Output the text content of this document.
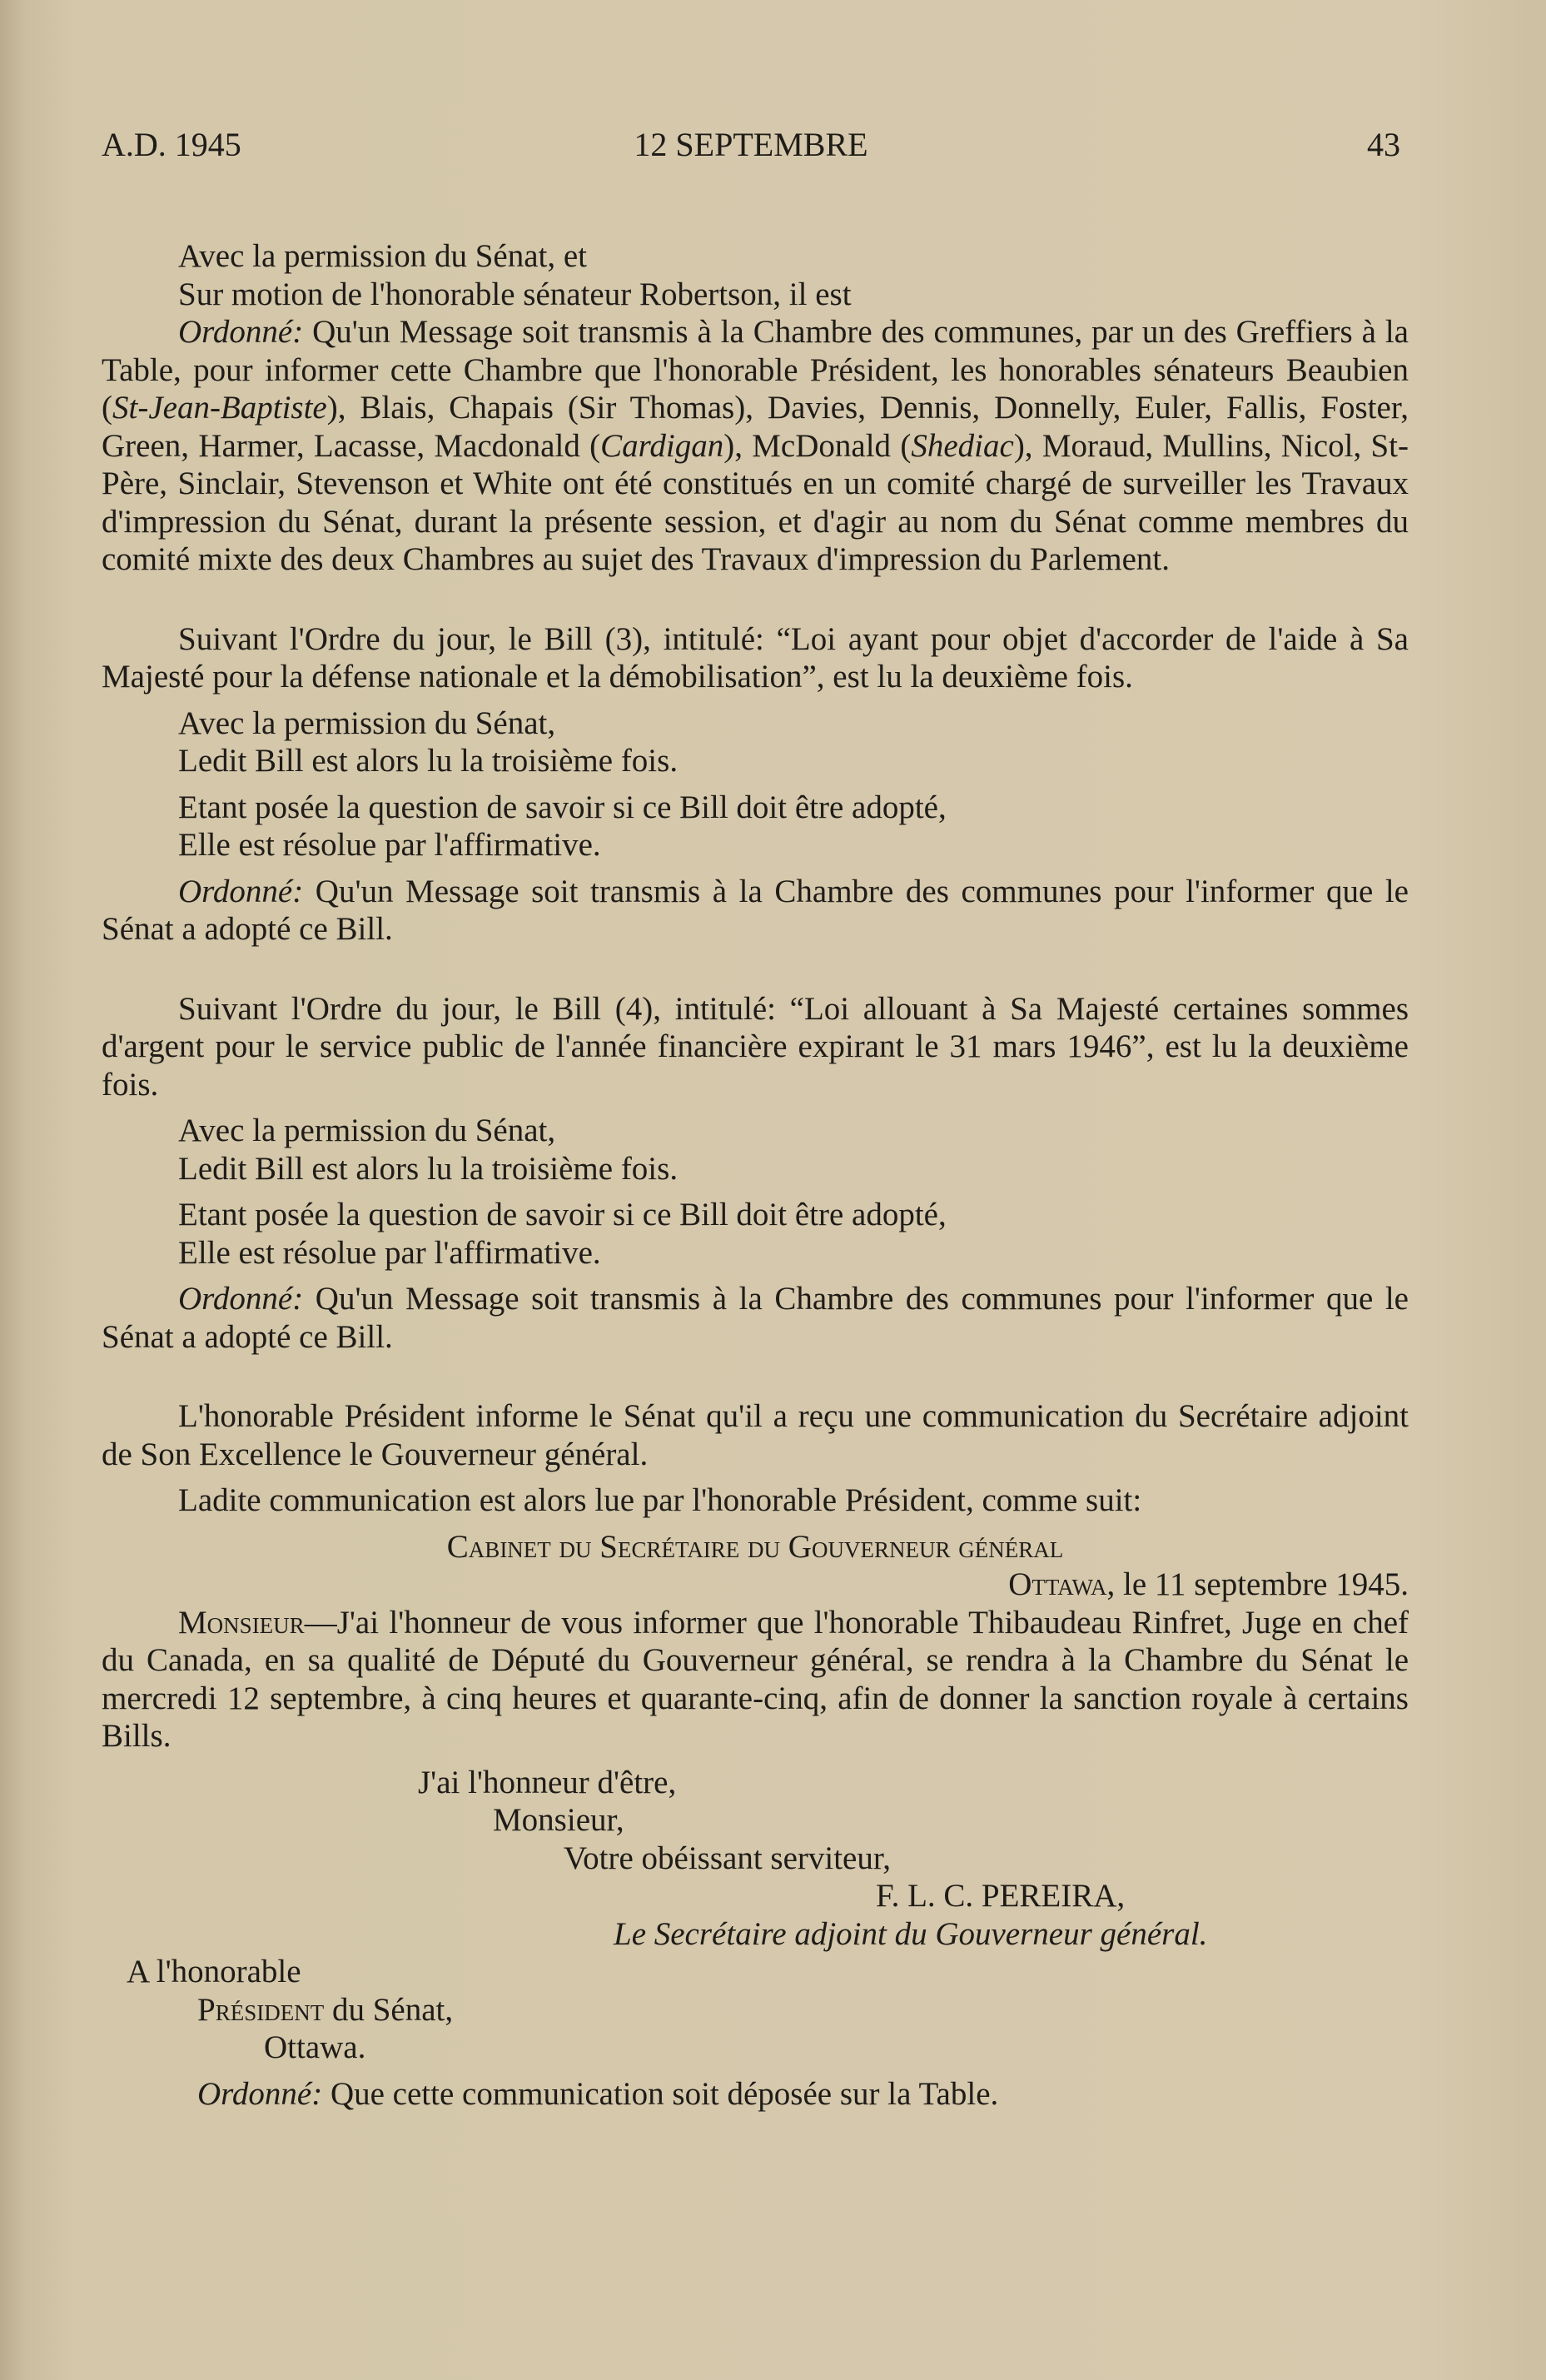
A.D. 1945	12 SEPTEMBRE	43

Avec la permission du Sénat, et

Sur motion de l'honorable sénateur Robertson, il est

Ordonné: Qu'un Message soit transmis à la Chambre des communes, par un des Greffiers à la Table, pour informer cette Chambre que l'honorable Président, les honorables sénateurs Beaubien (St-Jean-Baptiste), Blais, Chapais (Sir Thomas), Davies, Dennis, Donnelly, Euler, Fallis, Foster, Green, Harmer, Lacasse, Macdonald (Cardigan), McDonald (Shediac), Moraud, Mullins, Nicol, St-Père, Sinclair, Stevenson et White ont été constitués en un comité chargé de surveiller les Travaux d'impression du Sénat, durant la présente session, et d'agir au nom du Sénat comme membres du comité mixte des deux Chambres au sujet des Travaux d'impression du Parlement.

Suivant l'Ordre du jour, le Bill (3), intitulé: “Loi ayant pour objet d'accorder de l'aide à Sa Majesté pour la défense nationale et la démobilisation”, est lu la deuxième fois.

Avec la permission du Sénat,

Ledit Bill est alors lu la troisième fois.

Etant posée la question de savoir si ce Bill doit être adopté,

Elle est résolue par l'affirmative.

Ordonné: Qu'un Message soit transmis à la Chambre des communes pour l'informer que le Sénat a adopté ce Bill.

Suivant l'Ordre du jour, le Bill (4), intitulé: “Loi allouant à Sa Majesté certaines sommes d'argent pour le service public de l'année financière expirant le 31 mars 1946”, est lu la deuxième fois.

Avec la permission du Sénat,

Ledit Bill est alors lu la troisième fois.

Etant posée la question de savoir si ce Bill doit être adopté,

Elle est résolue par l'affirmative.

Ordonné: Qu'un Message soit transmis à la Chambre des communes pour l'informer que le Sénat a adopté ce Bill.

L'honorable Président informe le Sénat qu'il a reçu une communication du Secrétaire adjoint de Son Excellence le Gouverneur général.

Ladite communication est alors lue par l'honorable Président, comme suit:

Cabinet du Secrétaire du Gouverneur général

Ottawa, le 11 septembre 1945.

Monsieur—J'ai l'honneur de vous informer que l'honorable Thibaudeau Rinfret, Juge en chef du Canada, en sa qualité de Député du Gouverneur général, se rendra à la Chambre du Sénat le mercredi 12 septembre, à cinq heures et quarante-cinq, afin de donner la sanction royale à certains Bills.

J'ai l'honneur d'être,

Monsieur,

Votre obéissant serviteur,

F. L. C. PEREIRA,

Le Secrétaire adjoint du Gouverneur général.

A l'honorable

Président du Sénat,

Ottawa.

Ordonné: Que cette communication soit déposée sur la Table.
